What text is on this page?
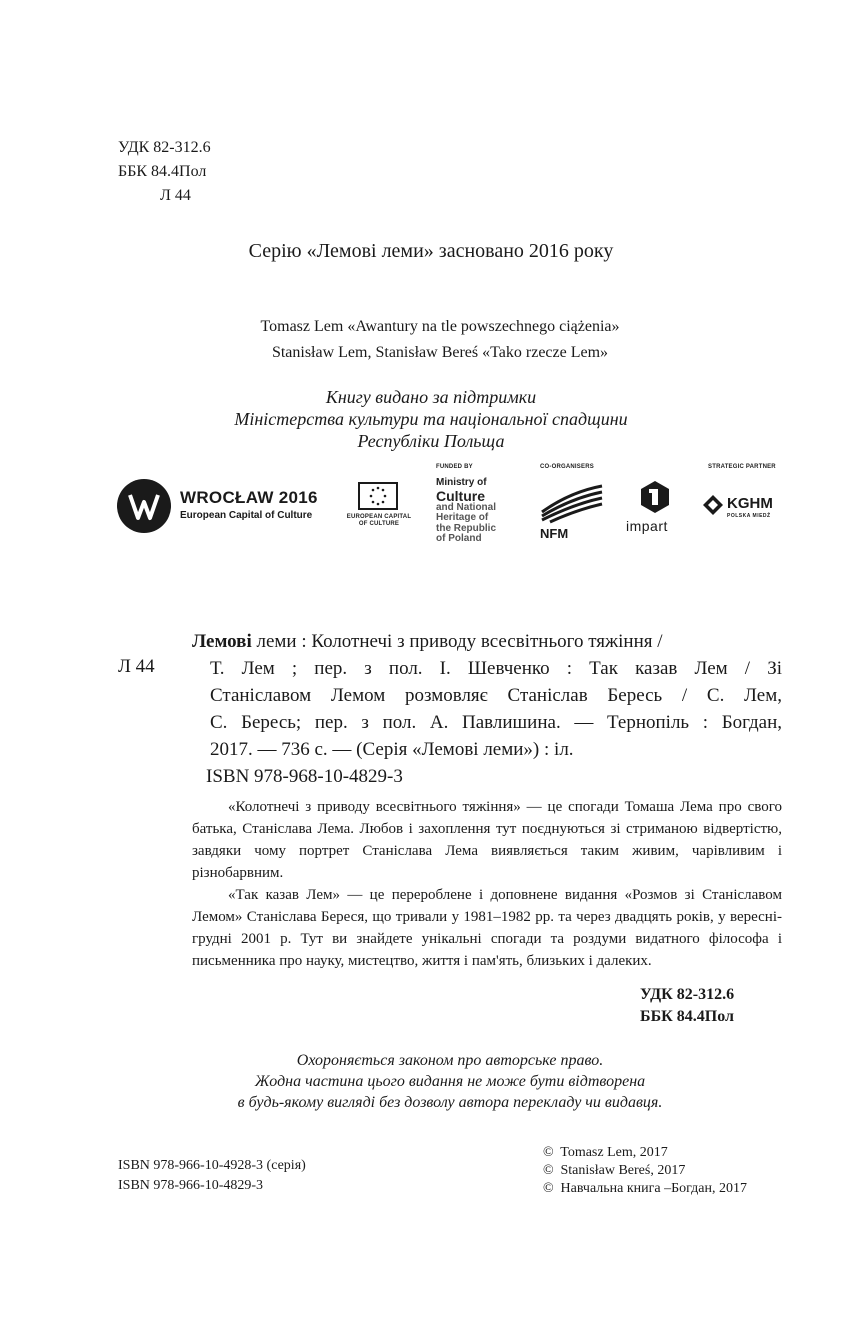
УДК 82-312.6
ББК 84.4Пол
Л 44
Серію «Лемові леми» засновано 2016 року
Tomasz Lem «Awantury na tle powszechnego ciążenia»
Stanisław Lem, Stanisław Bereś «Tako rzecze Lem»
Книгу видано за підтримки
Міністерства культури та національної спадщини
Республіки Польща
WROCŁAW 2016
European Capital of Culture	EUROPEAN CAPITAL
OF CULTURE
FUNDED BY
Ministry of
Culture
and National
Heritage of
the Republic
of Poland
CO-ORGANISERS
NFM	impart
STRATEGIC PARTNER
KGHM
POLSKA MIEDŹ
Л 44
Лемові леми : Колотнечі з приводу всесвітнього тяжіння /
Т. Лем ; пер. з пол. І. Шевченко : Так казав Лем / Зі
Станіславом Лемом розмовляє Станіслав Бересь / С. Лем,
С. Бересь; пер. з пол. А. Павлишина. — Тернопіль : Богдан,
2017. — 736 с. — (Серія «Лемові леми») : іл.
ISBN 978-968-10-4829-3

«Колотнечі з приводу всесвітнього тяжіння» — це спогади Томаша Лема про свого батька, Станіслава Лема. Любов і захоплення тут поєднуються зі стриманою відвертістю, завдяки чому портрет Станіслава Лема виявляється таким живим, чарівливим і різнобарвним.

«Так казав Лем» — це перероблене і доповнене видання «Розмов зі Станіславом Лемом» Станіслава Береся, що тривали у 1981–1982 рр. та через двадцять років, у вересні-грудні 2001 р. Тут ви знайдете унікальні спогади та роздуми видатного філософа і письменника про науку, мистецтво, життя і пам'ять, близьких і далеких.

УДК 82-312.6
ББК 84.4Пол
Охороняється законом про авторське право.
Жодна частина цього видання не може бути відтворена
в будь-якому вигляді без дозволу автора перекладу чи видавця.
ISBN 978-966-10-4928-3 (серія)
ISBN 978-966-10-4829-3
© Tomasz Lem, 2017
© Stanisław Bereś, 2017
© Навчальна книга –Богдан, 2017
